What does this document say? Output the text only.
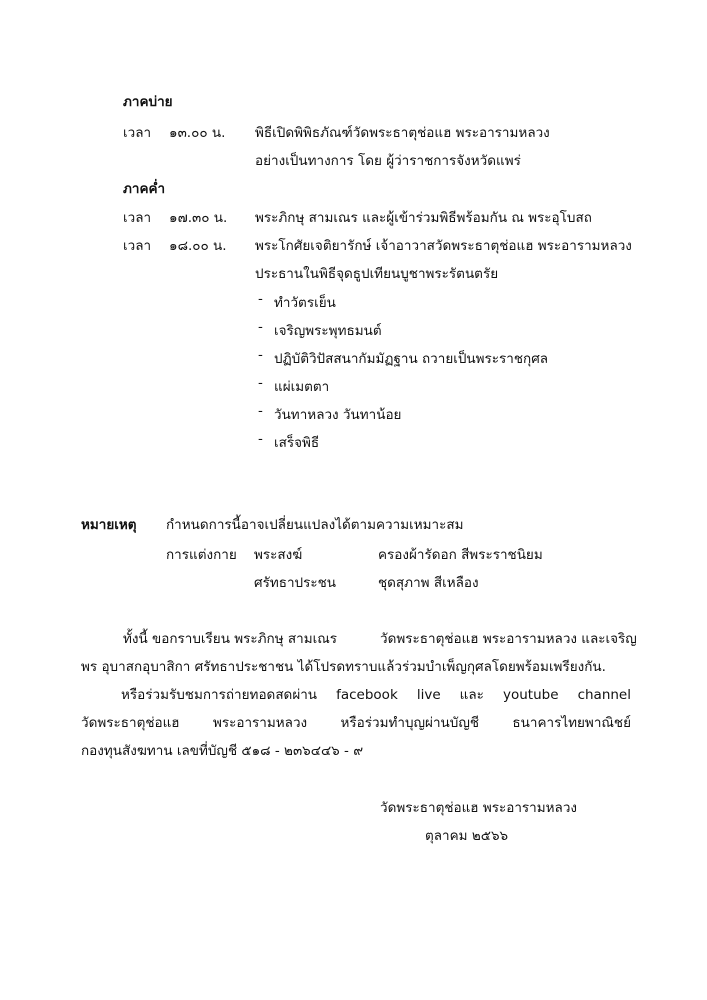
ภาคบ่าย
เวลา ๑๓.๐๐ น. พิธีเปิดพิพิธภัณฑ์วัดพระธาตุช่อแฮ พระอารามหลวง
อย่างเป็นทางการ โดย ผู้ว่าราชการจังหวัดแพร่
ภาคค่ำ
เวลา ๑๗.๓๐ น. พระภิกษุ สามเณร และผู้เข้าร่วมพิธีพร้อมกัน ณ พระอุโบสถ
เวลา ๑๘.๐๐ น. พระโกศัยเจติยารักษ์ เจ้าอาวาสวัดพระธาตุช่อแฮ พระอารามหลวง
ประธานในพิธีจุดธูปเทียนบูชาพระรัตนตรัย
- ทำวัตรเย็น
- เจริญพระพุทธมนต์
- ปฏิบัติวิปัสสนากัมมัฏฐาน ถวายเป็นพระราชกุศล
- แผ่เมตตา
- วันทาหลวง วันทาน้อย
- เสร็จพิธี
หมายเหตุ กำหนดการนี้อาจเปลี่ยนแปลงได้ตามความเหมาะสม
การแต่งกาย พระสงฆ์	ครองผ้ารัดอก สีพระราชนิยม
ศรัทธาประชน	ชุดสุภาพ สีเหลือง
ทั้งนี้ ขอกราบเรียน พระภิกษุ สามเณร	วัดพระธาตุช่อแฮ พระอารามหลวง และเจริญ
พร อุบาสกอุบาสิกา ศรัทธาประชาชน ได้โปรดทราบแล้วร่วมบำเพ็ญกุศลโดยพร้อมเพรียงกัน.
หรือร่วมรับชมการถ่ายทอดสดผ่าน facebook live และ youtube channel
วัดพระธาตุช่อแฮ พระอารามหลวง หรือร่วมทำบุญผ่านบัญชี ธนาคารไทยพาณิชย์
กองทุนสังฆทาน เลขที่บัญชี ๕๑๘ - ๒๓๖๔๔๖ - ๙
วัดพระธาตุช่อแฮ พระอารามหลวง
ตุลาคม ๒๕๖๖
